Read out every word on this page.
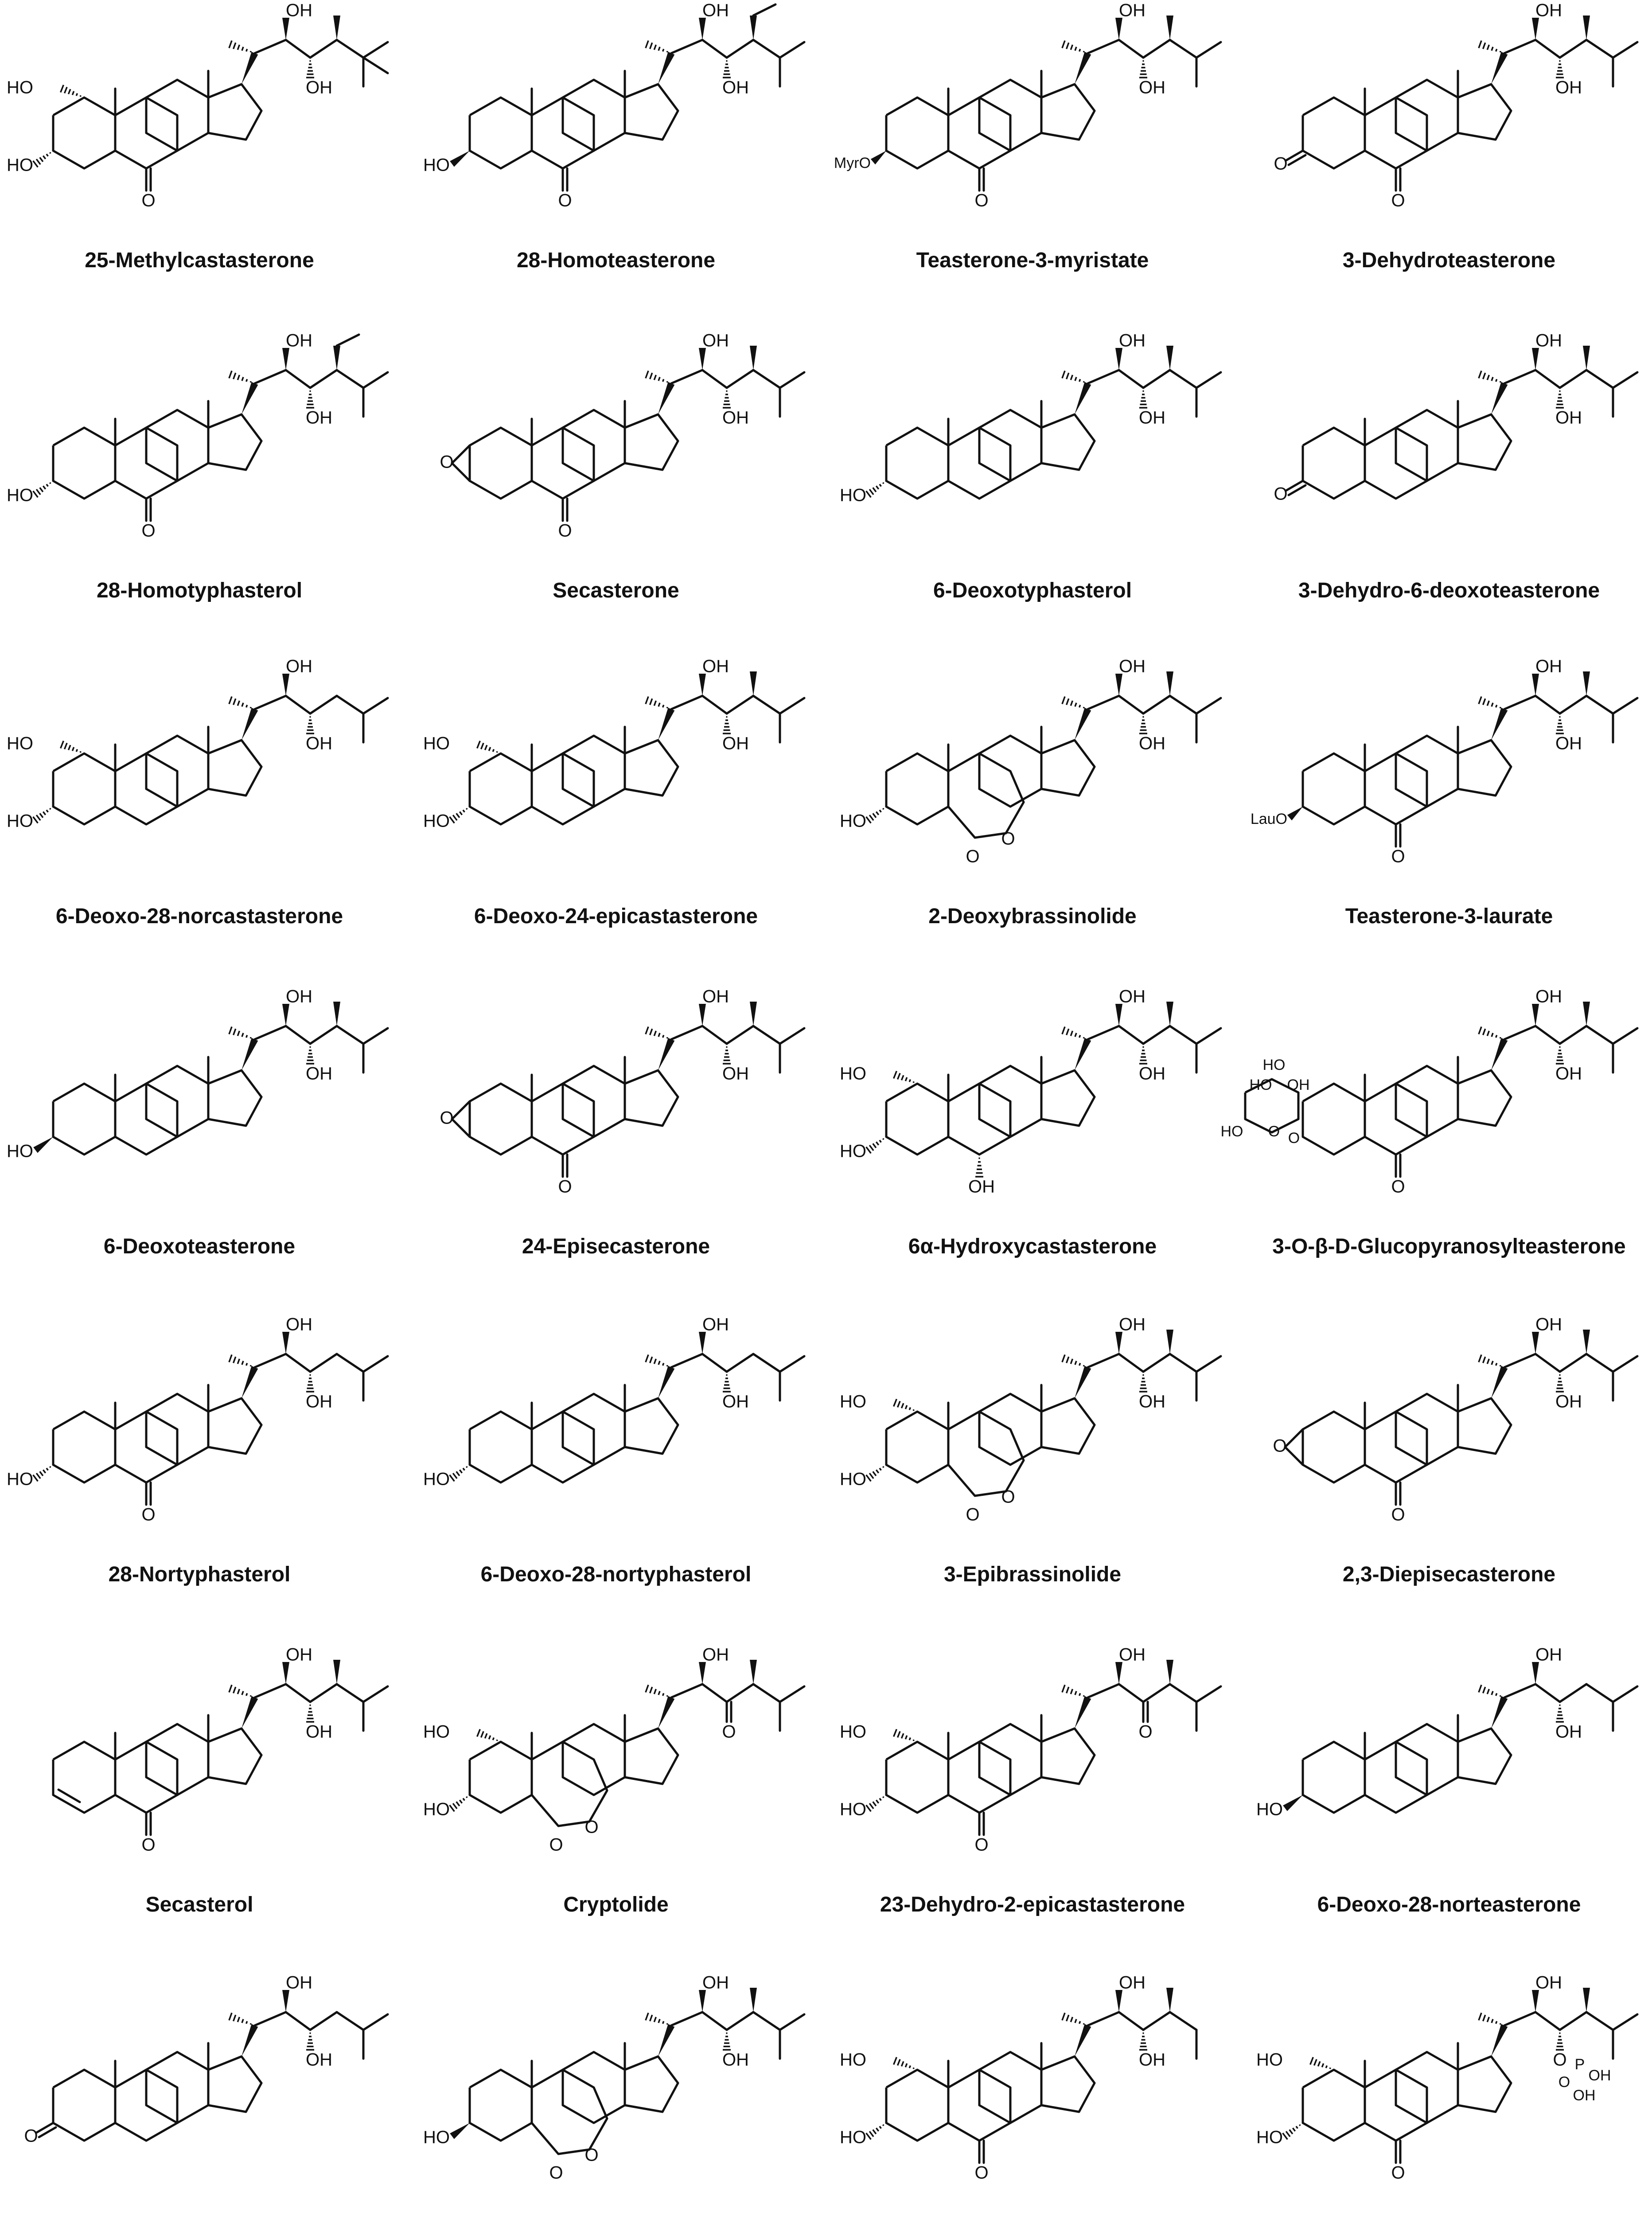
OH
OH
HO
HO
O
25-Methylcastasterone
OH
OH
HO
O
28-Homoteasterone
OH
OH
MyrO
O
Teasterone-3-myristate
OH
OH
O
O
3-Dehydroteasterone
OH
OH
HO
O
28-Homotyphasterol
OH
OH
O
O
Secasterone
OH
OH
HO
6-Deoxotyphasterol
OH
OH
O
3-Dehydro-6-deoxoteasterone
OH
OH
HO
HO
6-Deoxo-28-norcastasterone
OH
OH
HO
HO
6-Deoxo-24-epicastasterone
OH
OH
HO
O
O
2-Deoxybrassinolide
OH
OH
LauO
O
Teasterone-3-laurate
OH
OH
HO
6-Deoxoteasterone
OH
OH
O
O
24-Episecasterone
OH
OH
HO
HO
OH
6α-Hydroxycastasterone
OH
OH
HO
HO
OH
HO O O
O
3-O-β-D-Glucopyranosylteasterone
OH
OH
HO
O
28-Nortyphasterol
OH
OH
HO
6-Deoxo-28-nortyphasterol
OH
OH
HO
HO
O
O
3-Epibrassinolide
OH
OH
O
O
2,3-Diepisecasterone
OH
OH
O
Secasterol
OH
O
HO
HO
O
O
Cryptolide
OH
O
HO
HO
O
23-Dehydro-2-epicastasterone
OH
OH
HO
6-Deoxo-28-norteasterone
OH
OH
O
OH
OH
HO
O
O
OH
OH
HO
HO
O
OH
O P
O OH
OH
HO
HO
O
